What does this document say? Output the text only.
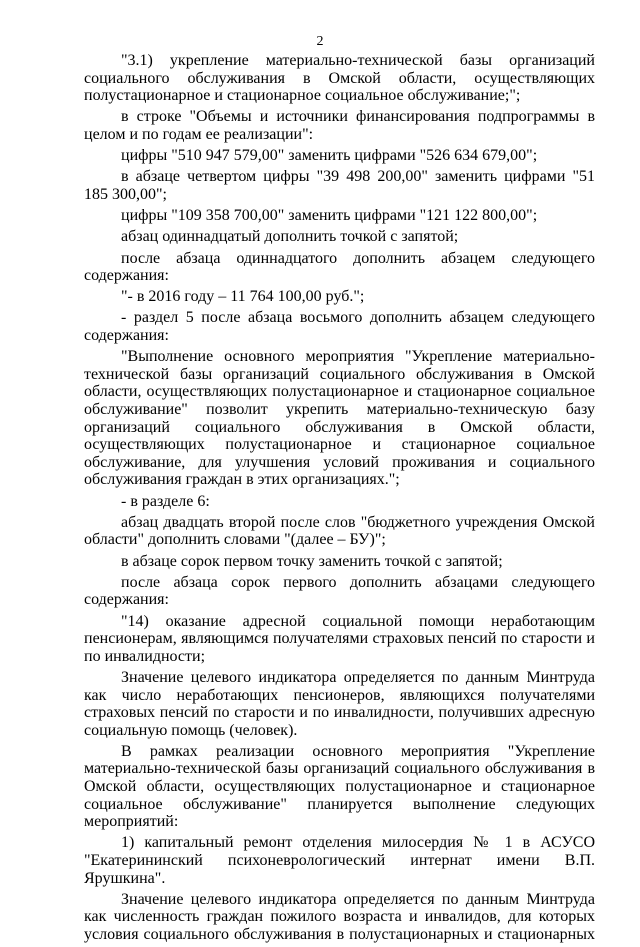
2

"3.1) укрепление материально-технической базы организаций социального обслуживания в Омской области, осуществляющих полустационарное и стационарное социальное обслуживание;";

в строке "Объемы и источники финансирования подпрограммы в целом и по годам ее реализации":

цифры "510 947 579,00" заменить цифрами "526 634 679,00";

в абзаце четвертом цифры "39 498 200,00" заменить цифрами "51 185 300,00";

цифры "109 358 700,00" заменить цифрами "121 122 800,00";

абзац одиннадцатый дополнить точкой с запятой;

после абзаца одиннадцатого дополнить абзацем следующего содержания:

"- в 2016 году – 11 764 100,00 руб.";

- раздел 5 после абзаца восьмого дополнить абзацем следующего содержания:

"Выполнение основного мероприятия "Укрепление материально-технической базы организаций социального обслуживания в Омской области, осуществляющих полустационарное и стационарное социальное обслуживание" позволит укрепить материально-техническую базу организаций социального обслуживания в Омской области, осуществляющих полустационарное и стационарное социальное обслуживание, для улучшения условий проживания и социального обслуживания граждан в этих организациях.";

- в разделе 6:

абзац двадцать второй после слов "бюджетного учреждения Омской области" дополнить словами "(далее – БУ)";

в абзаце сорок первом точку заменить точкой с запятой;

после абзаца сорок первого дополнить абзацами следующего содержания:

"14) оказание адресной социальной помощи неработающим пенсионерам, являющимся получателями страховых пенсий по старости и по инвалидности;

Значение целевого индикатора определяется по данным Минтруда как число неработающих пенсионеров, являющихся получателями страховых пенсий по старости и по инвалидности, получивших адресную социальную помощь (человек).

В рамках реализации основного мероприятия "Укрепление материально-технической базы организаций социального обслуживания в Омской области, осуществляющих полустационарное и стационарное социальное обслуживание" планируется выполнение следующих мероприятий:

1) капитальный ремонт отделения милосердия № 1 в АСУСО "Екатерининский психоневрологический интернат имени В.П. Ярушкина".

Значение целевого индикатора определяется по данным Минтруда как численность граждан пожилого возраста и инвалидов, для которых условия социального обслуживания в полустационарных и стационарных
